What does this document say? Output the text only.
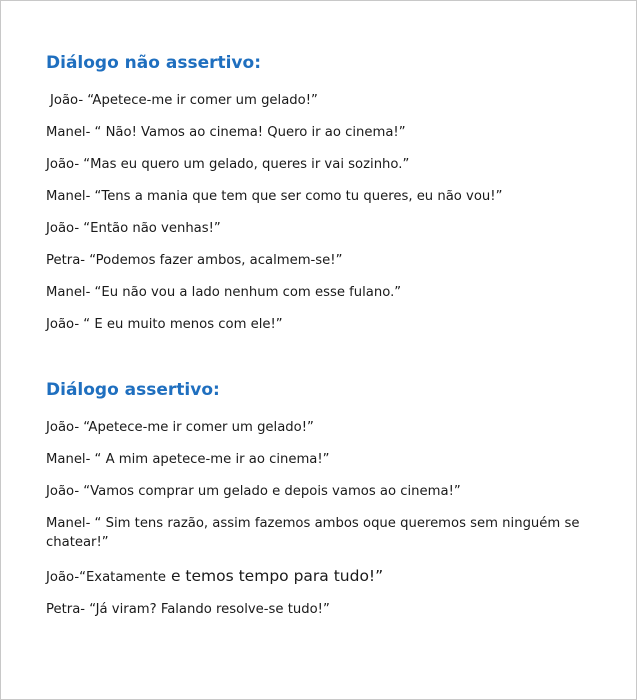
Diálogo não assertivo:

João- “Apetece-me ir comer um gelado!”

Manel- “ Não! Vamos ao cinema! Quero ir ao cinema!”

João- “Mas eu quero um gelado, queres ir vai sozinho.”

Manel- “Tens a mania que tem que ser como tu queres, eu não vou!”

João- “Então não venhas!”

Petra- “Podemos fazer ambos, acalmem-se!”

Manel- “Eu não vou a lado nenhum com esse fulano.”

João- “ E eu muito menos com ele!”

Diálogo assertivo:

João- “Apetece-me ir comer um gelado!”

Manel- “ A mim apetece-me ir ao cinema!”

João- “Vamos comprar um gelado e depois vamos ao cinema!”

Manel- “ Sim tens razão, assim fazemos ambos oque queremos sem ninguém se chatear!”

João-“Exatamente e temos tempo para tudo!”

Petra- “Já viram? Falando resolve-se tudo!”
